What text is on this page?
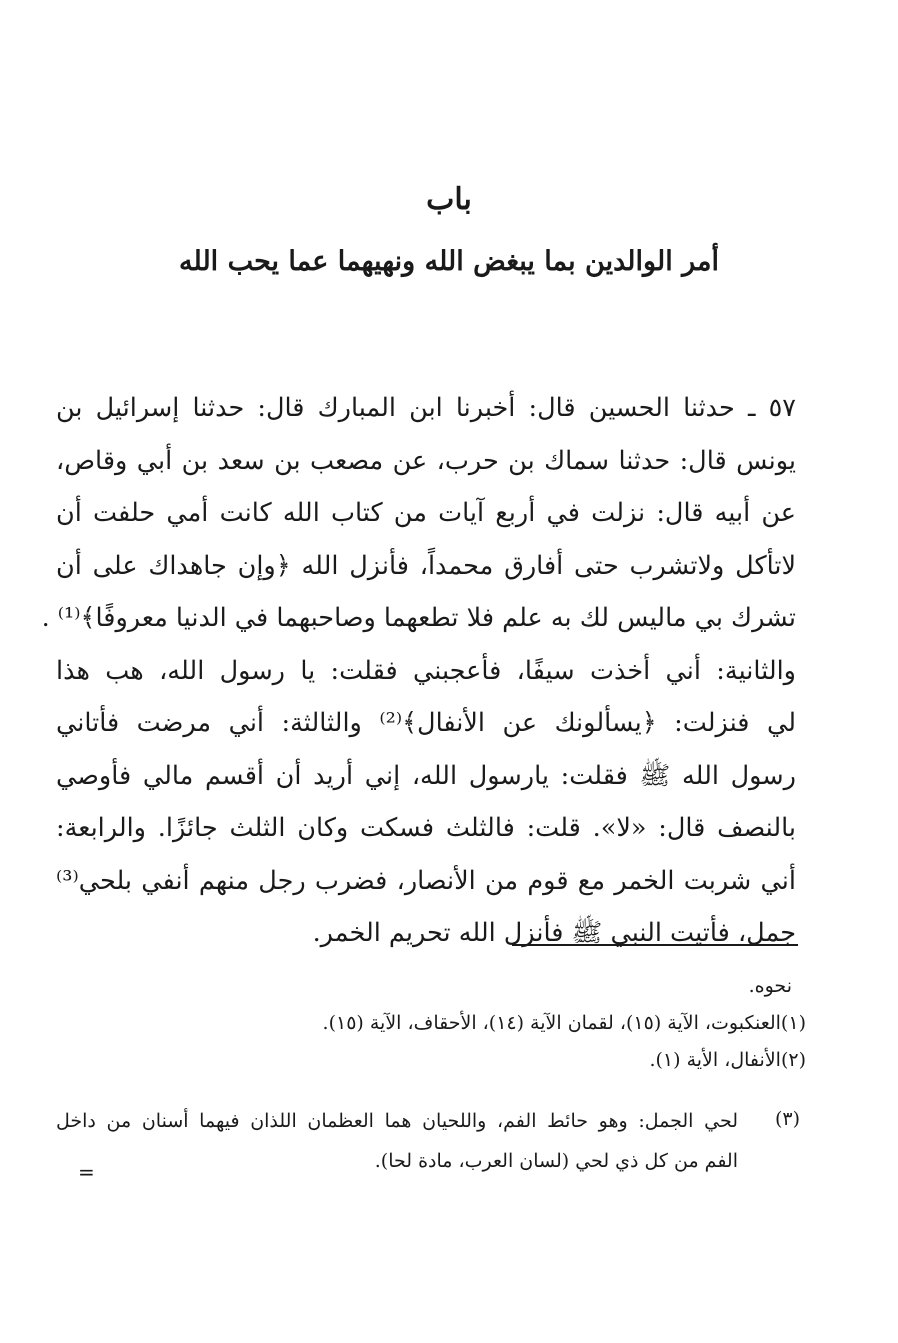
باب
أمر الوالدين بما يبغض الله ونهيهما عما يحب الله
٥٧ ـ حدثنا الحسين قال: أخبرنا ابن المبارك قال: حدثنا إسرائيل بن
يونس قال: حدثنا سماك بن حرب، عن مصعب بن سعد بن أبي وقاص،
عن أبيه قال: نزلت في أربع آيات من كتاب الله كانت أمي حلفت أن
لاتأكل ولاتشرب حتى أفارق محمداً، فأنزل الله ﴿وإن جاهداك على أن
تشرك بي ماليس لك به علم فلا تطعهما وصاحبهما في الدنيا معروفًا﴾⁽¹⁾ .
والثانية: أني أخذت سيفًا، فأعجبني فقلت: يا رسول الله، هب هذا
لي فنزلت: ﴿يسألونك عن الأنفال﴾⁽²⁾ والثالثة: أني مرضت فأتاني
رسول الله ﷺ فقلت: يارسول الله، إني أريد أن أقسم مالي فأوصي
بالنصف قال: «لا». قلت: فالثلث فسكت وكان الثلث جائزًا. والرابعة:
أني شربت الخمر مع قوم من الأنصار، فضرب رجل منهم أنفي بلحي⁽³⁾
جمل، فأتيت النبي ﷺ فأنزل الله تحريم الخمر.
نحوه.
(١)العنكبوت، الآية (١٥)، لقمان الآية (١٤)، الأحقاف، الآية (١٥).
(٢)الأنفال، الأية (١).
(٣)
لحي الجمل: وهو حائط الفم، واللحيان هما العظمان اللذان فيهما أسنان من داخل
الفم من كل ذي لحي (لسان العرب، مادة لحا).
=
